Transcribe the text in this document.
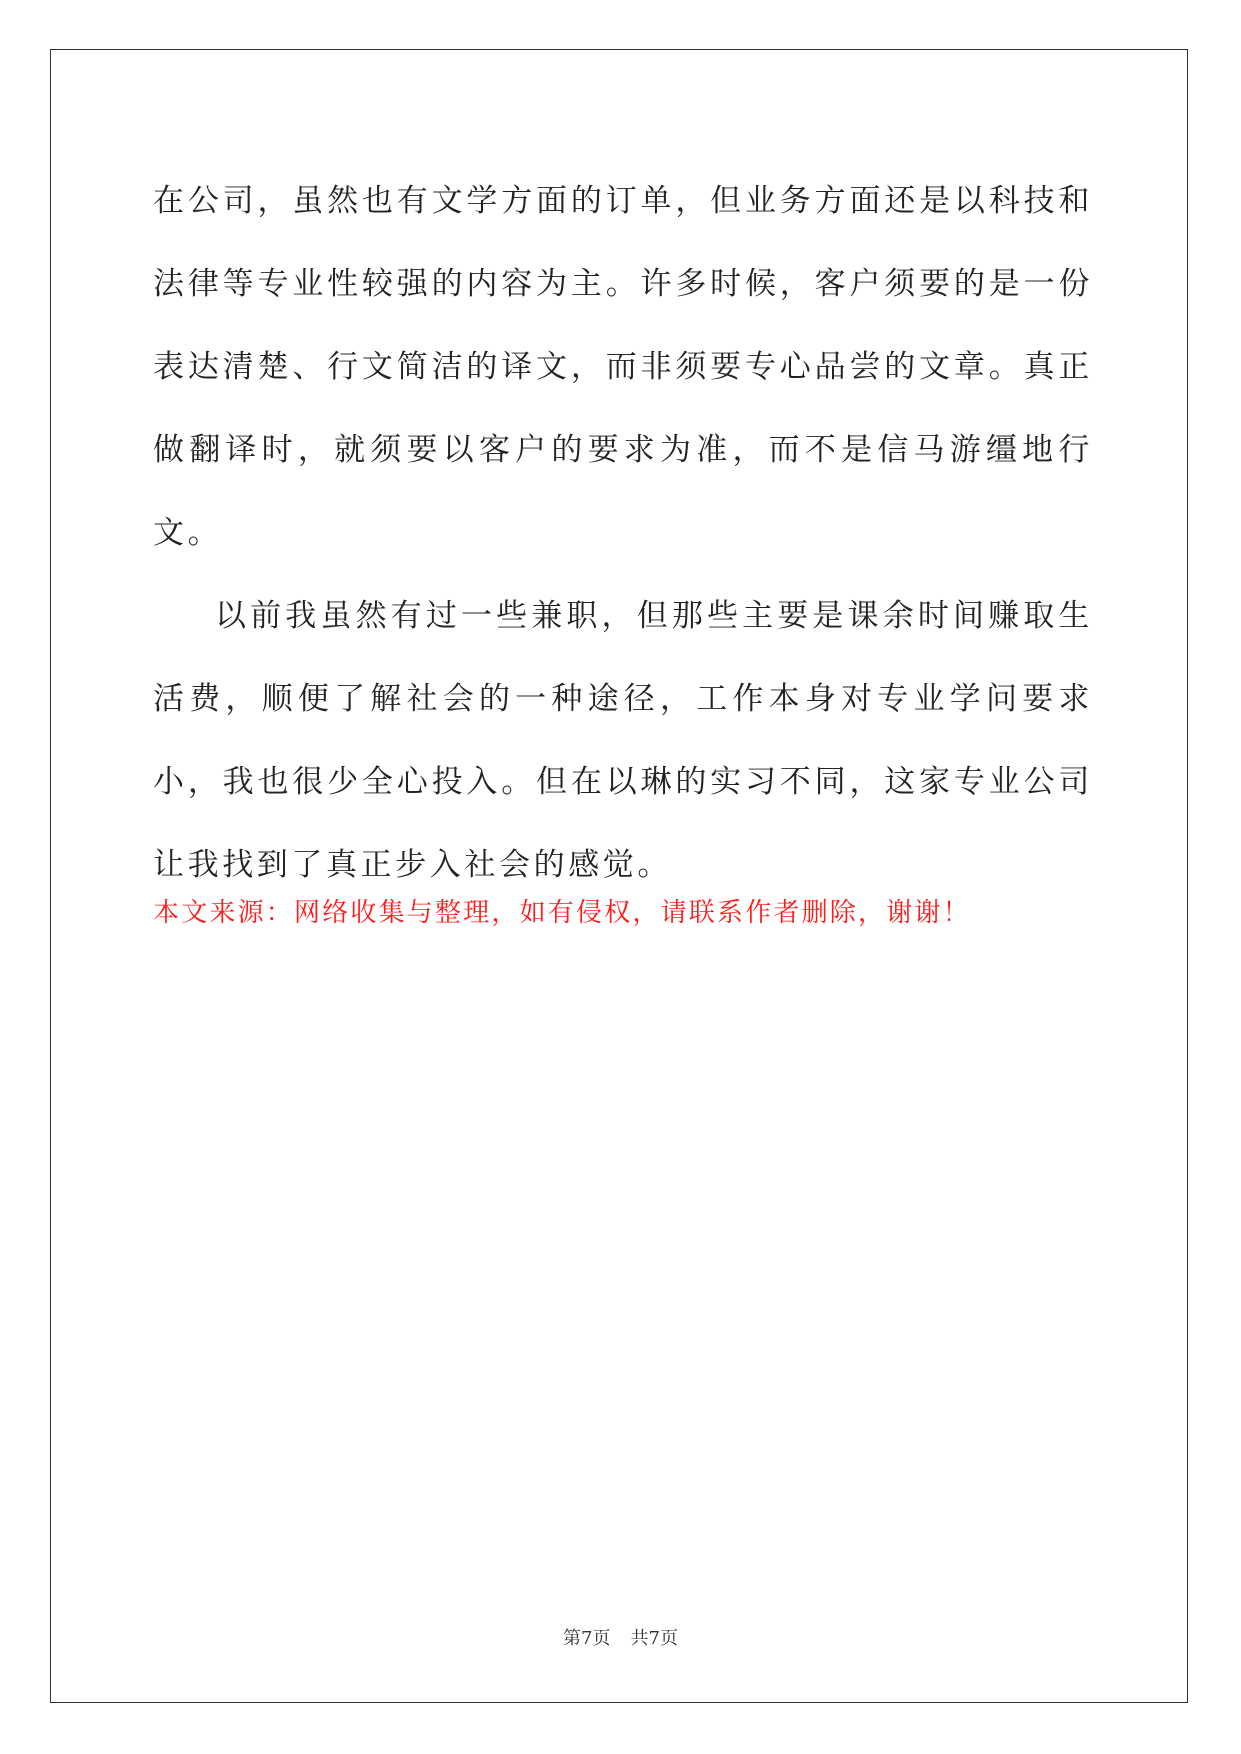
在公司，虽然也有文学方面的订单，但业务方面还是以科技和法律等专业性较强的内容为主。许多时候，客户须要的是一份表达清楚、行文简洁的译文，而非须要专心品尝的文章。真正做翻译时，就须要以客户的要求为准，而不是信马游缰地行文。

以前我虽然有过一些兼职，但那些主要是课余时间赚取生活费，顺便了解社会的一种途径，工作本身对专业学问要求小，我也很少全心投入。但在以琳的实习不同，这家专业公司让我找到了真正步入社会的感觉。

本文来源：网络收集与整理，如有侵权，请联系作者删除，谢谢！

第7页 共7页
